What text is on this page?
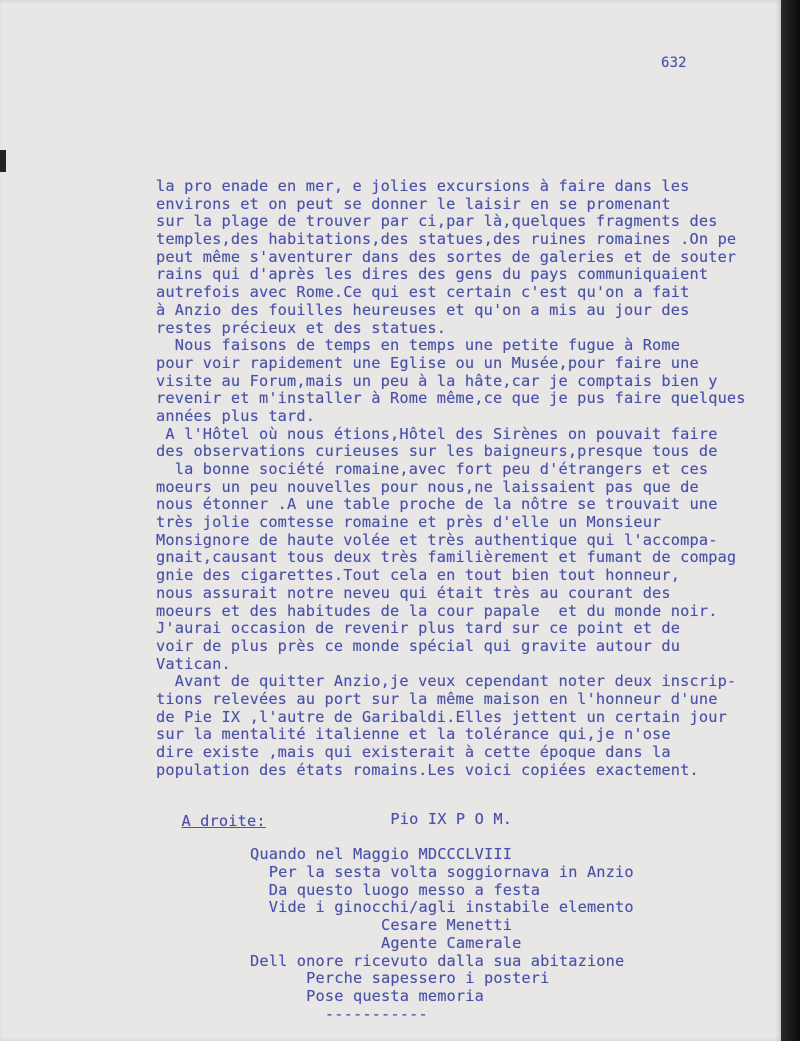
632
la pro enade en mer, e jolies excursions à faire dans les
environs et on peut se donner le laisir en se promenant
sur la plage de trouver par ci,par là,quelques fragments des
temples,des habitations,des statues,des ruines romaines .On pe
peut même s'aventurer dans des sortes de galeries et de souter
rains qui d'après les dires des gens du pays communiquaient
autrefois avec Rome.Ce qui est certain c'est qu'on a fait
à Anzio des fouilles heureuses et qu'on a mis au jour des
restes précieux et des statues.
Nous faisons de temps en temps une petite fugue à Rome
pour voir rapidement une Eglise ou un Musée,pour faire une
visite au Forum,mais un peu à la hâte,car je comptais bien y
revenir et m'installer à Rome même,ce que je pus faire quelques
années plus tard.
A l'Hôtel où nous étions,Hôtel des Sirènes on pouvait faire
des observations curieuses sur les baigneurs,presque tous de
la bonne société romaine,avec fort peu d'étrangers et ces
moeurs un peu nouvelles pour nous,ne laissaient pas que de
nous étonner .A une table proche de la nôtre se trouvait une
très jolie comtesse romaine et près d'elle un Monsieur
Monsignore de haute volée et très authentique qui l'accompa-
gnait,causant tous deux très familièrement et fumant de compag
gnie des cigarettes.Tout cela en tout bien tout honneur,
nous assurait notre neveu qui était très au courant des
moeurs et des habitudes de la cour papale  et du monde noir.
J'aurai occasion de revenir plus tard sur ce point et de
voir de plus près ce monde spécial qui gravite autour du
Vatican.
Avant de quitter Anzio,je veux cependant noter deux inscrip-
tions relevées au port sur la même maison en l'honneur d'une
de Pie IX ,l'autre de Garibaldi.Elles jettent un certain jour
sur la mentalité italienne et la tolérance qui,je n'ose
dire existe ,mais qui existerait à cette époque dans la
population des états romains.Les voici copiées exactement.

A droite:

Pio IX P O M.
Quando nel Maggio MDCCCLVIII
Per la sesta volta soggiornava in Anzio
Da questo luogo messo a festa
Vide i ginocchi/agli instabile elemento
Cesare Menetti
Agente Camerale
Dell onore ricevuto dalla sua abitazione
Perche sapessero i posteri
Pose questa memoria
-----------
